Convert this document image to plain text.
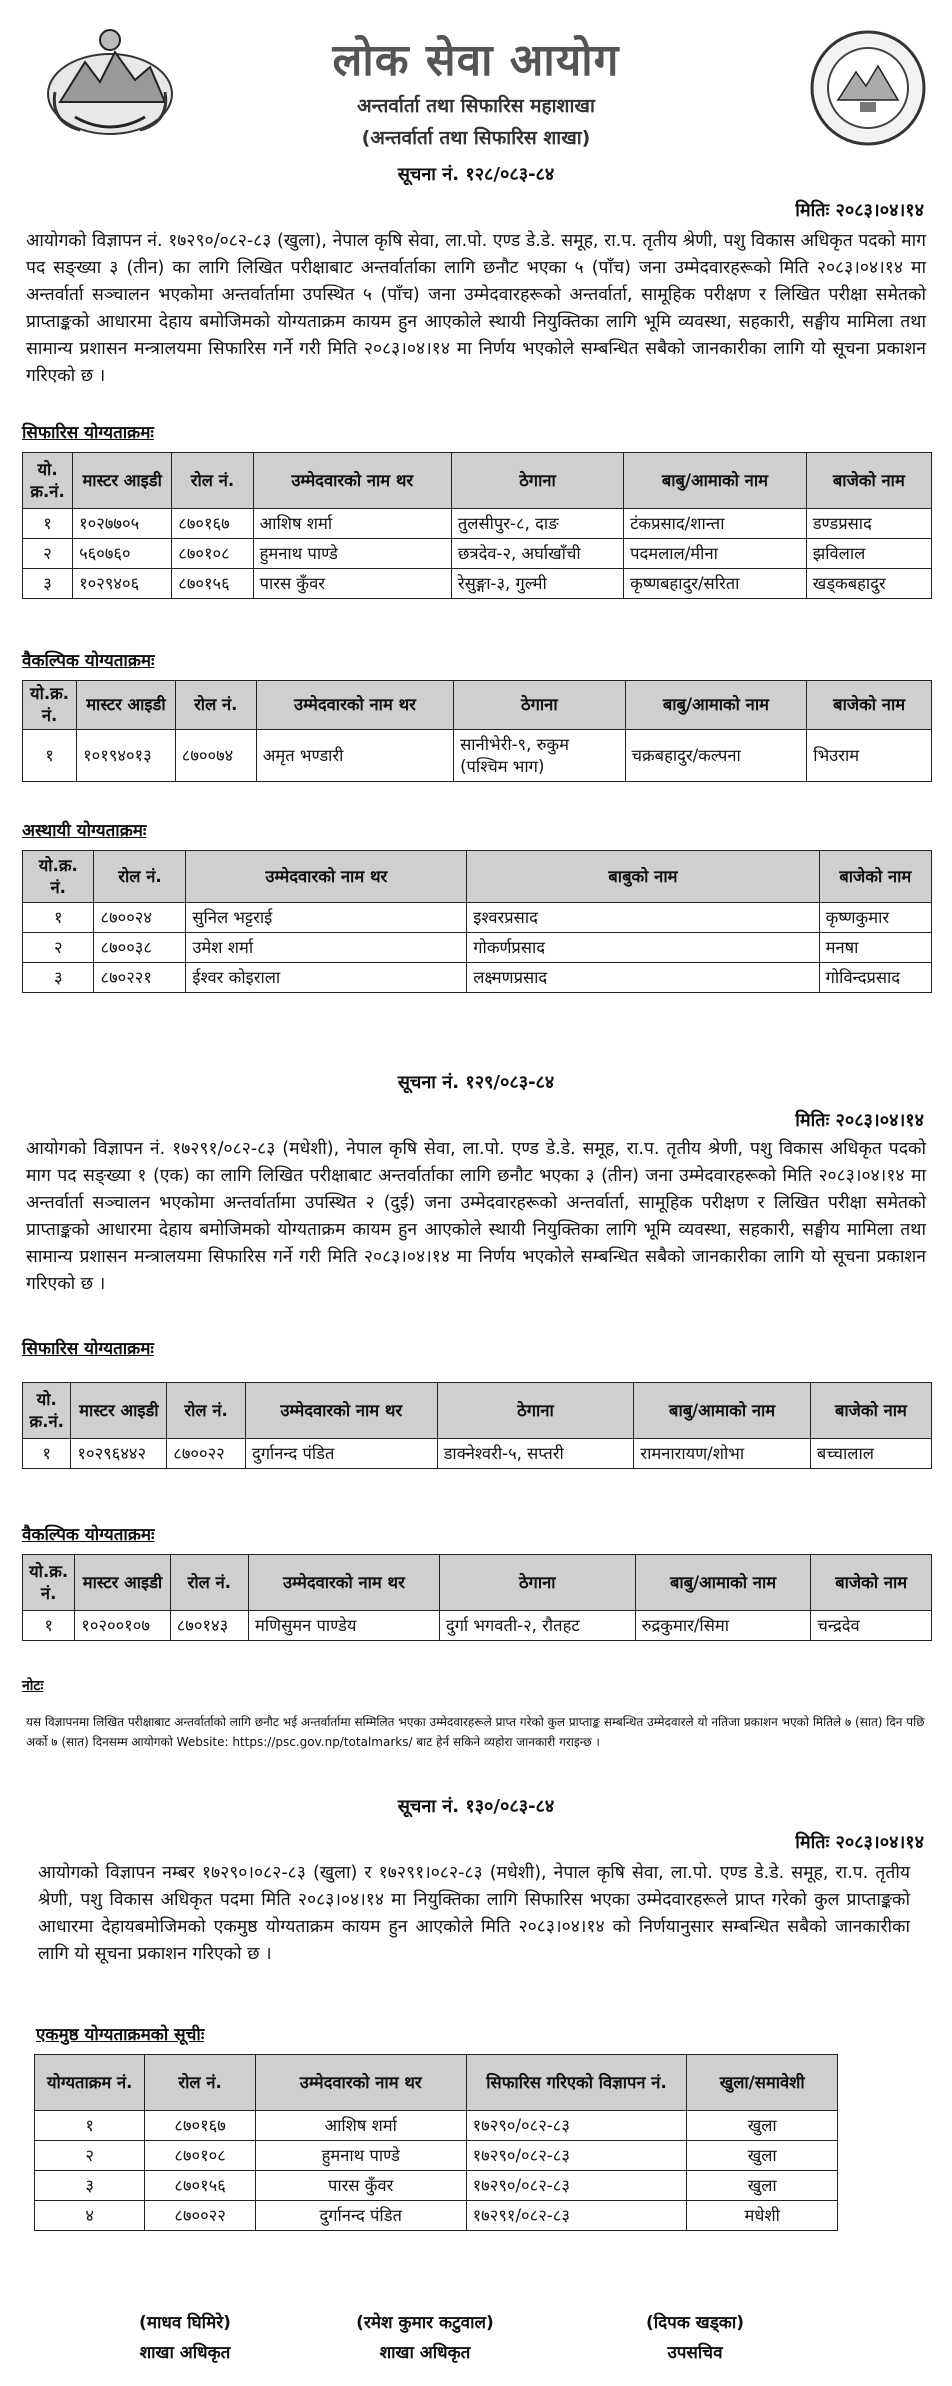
लोक सेवा आयोग
अन्तर्वार्ता तथा सिफारिस महाशाखा
(अन्तर्वार्ता तथा सिफारिस शाखा)
सूचना नं. १२८/०८३-८४
मितिः २०८३।०४।१४
आयोगको विज्ञापन नं. १७२९०/०८२-८३ (खुला), नेपाल कृषि सेवा, ला.पो. एण्ड डे.डे. समूह, रा.प. तृतीय श्रेणी, पशु विकास अधिकृत पदको माग पद सङ्ख्या ३ (तीन) का लागि लिखित परीक्षाबाट अन्तर्वार्ताका लागि छनौट भएका ५ (पाँच) जना उम्मेदवारहरूको मिति २०८३।०४।१४ मा अन्तर्वार्ता सञ्चालन भएकोमा अन्तर्वार्तामा उपस्थित ५ (पाँच) जना उम्मेदवारहरूको अन्तर्वार्ता, सामूहिक परीक्षण र लिखित परीक्षा समेतको प्राप्ताङ्कको आधारमा देहाय बमोजिमको योग्यताक्रम कायम हुन आएकोले स्थायी नियुक्तिका लागि भूमि व्यवस्था, सहकारी, सङ्घीय मामिला तथा सामान्य प्रशासन मन्त्रालयमा सिफारिस गर्ने गरी मिति २०८३।०४।१४ मा निर्णय भएकोले सम्बन्धित सबैको जानकारीका लागि यो सूचना प्रकाशन गरिएको छ ।
सिफारिस योग्यताक्रमः
यो. क्र.नं.	मास्टर आइडी	रोल नं.	उम्मेदवारको नाम थर	ठेगाना	बाबु/आमाको नाम	बाजेको नाम
१	१०२७७०५	८७०१६७	आशिष शर्मा	तुलसीपुर-८, दाङ	टंकप्रसाद/शान्ता	डण्डप्रसाद
२	५६०७६०	८७०१०८	हुमनाथ पाण्डे	छत्रदेव-२, अर्घाखाँची	पदमलाल/मीना	झविलाल
३	१०२९४०६	८७०१५६	पारस कुँवर	रेसुङ्गा-३, गुल्मी	कृष्णबहादुर/सरिता	खड्कबहादुर
वैकल्पिक योग्यताक्रमः
यो.क्र. नं.	मास्टर आइडी	रोल नं.	उम्मेदवारको नाम थर	ठेगाना	बाबु/आमाको नाम	बाजेको नाम
१	१०१९४०१३	८७००७४	अमृत भण्डारी	सानीभेरी-९, रुकुम (पश्चिम भाग)	चक्रबहादुर/कल्पना	भिउराम
अस्थायी योग्यताक्रमः
यो.क्र. नं.	रोल नं.	उम्मेदवारको नाम थर	बाबुको नाम	बाजेको नाम
१	८७००२४	सुनिल भट्टराई	इश्वरप्रसाद	कृष्णकुमार
२	८७००३८	उमेश शर्मा	गोकर्णप्रसाद	मनषा
३	८७०२२१	ईश्वर कोइराला	लक्ष्मणप्रसाद	गोविन्दप्रसाद
सूचना नं. १२९/०८३-८४
मितिः २०८३।०४।१४
आयोगको विज्ञापन नं. १७२९१/०८२-८३ (मधेशी), नेपाल कृषि सेवा, ला.पो. एण्ड डे.डे. समूह, रा.प. तृतीय श्रेणी, पशु विकास अधिकृत पदको माग पद सङ्ख्या १ (एक) का लागि लिखित परीक्षाबाट अन्तर्वार्ताका लागि छनौट भएका ३ (तीन) जना उम्मेदवारहरूको मिति २०८३।०४।१४ मा अन्तर्वार्ता सञ्चालन भएकोमा अन्तर्वार्तामा उपस्थित २ (दुई) जना उम्मेदवारहरूको अन्तर्वार्ता, सामूहिक परीक्षण र लिखित परीक्षा समेतको प्राप्ताङ्कको आधारमा देहाय बमोजिमको योग्यताक्रम कायम हुन आएकोले स्थायी नियुक्तिका लागि भूमि व्यवस्था, सहकारी, सङ्घीय मामिला तथा सामान्य प्रशासन मन्त्रालयमा सिफारिस गर्ने गरी मिति २०८३।०४।१४ मा निर्णय भएकोले सम्बन्धित सबैको जानकारीका लागि यो सूचना प्रकाशन गरिएको छ ।
सिफारिस योग्यताक्रमः
यो. क्र.नं.	मास्टर आइडी	रोल नं.	उम्मेदवारको नाम थर	ठेगाना	बाबु/आमाको नाम	बाजेको नाम
१	१०२९६४४२	८७००२२	दुर्गानन्द पंडित	डाक्नेश्वरी-५, सप्तरी	रामनारायण/शोभा	बच्चालाल
वैकल्पिक योग्यताक्रमः
यो.क्र. नं.	मास्टर आइडी	रोल नं.	उम्मेदवारको नाम थर	ठेगाना	बाबु/आमाको नाम	बाजेको नाम
१	१०२००१०७	८७०१४३	मणिसुमन पाण्डेय	दुर्गा भगवती-२, रौतहट	रुद्रकुमार/सिमा	चन्द्रदेव
नोटः
यस विज्ञापनमा लिखित परीक्षाबाट अन्तर्वार्ताको लागि छनौट भई अन्तर्वार्तामा सम्मिलित भएका उम्मेदवारहरूले प्राप्त गरेको कुल प्राप्ताङ्क सम्बन्धित उम्मेदवारले यो नतिजा प्रकाशन भएको मितिले ७ (सात) दिन पछि अर्को ७ (सात) दिनसम्म आयोगको Website: https://psc.gov.np/totalmarks/ बाट हेर्न सकिने व्यहोरा जानकारी गराइन्छ ।
सूचना नं. १३०/०८३-८४
मितिः २०८३।०४।१४
आयोगको विज्ञापन नम्बर १७२९०।०८२-८३ (खुला) र १७२९१।०८२-८३ (मधेशी), नेपाल कृषि सेवा, ला.पो. एण्ड डे.डे. समूह, रा.प. तृतीय श्रेणी, पशु विकास अधिकृत पदमा मिति २०८३।०४।१४ मा नियुक्तिका लागि सिफारिस भएका उम्मेदवारहरूले प्राप्त गरेको कुल प्राप्ताङ्कको आधारमा देहायबमोजिमको एकमुष्ठ योग्यताक्रम कायम हुन आएकोले मिति २०८३।०४।१४ को निर्णयानुसार सम्बन्धित सबैको जानकारीका लागि यो सूचना प्रकाशन गरिएको छ ।
एकमुष्ठ योग्यताक्रमको सूचीः
योग्यताक्रम नं.	रोल नं.	उम्मेदवारको नाम थर	सिफारिस गरिएको विज्ञापन नं.	खुला/समावेशी
१	८७०१६७	आशिष शर्मा	१७२९०/०८२-८३	खुला
२	८७०१०८	हुमनाथ पाण्डे	१७२९०/०८२-८३	खुला
३	८७०१५६	पारस कुँवर	१७२९०/०८२-८३	खुला
४	८७००२२	दुर्गानन्द पंडित	१७२९१/०८२-८३	मधेशी
(माधव घिमिरे)
शाखा अधिकृत
(रमेश कुमार कटुवाल)
शाखा अधिकृत
(दिपक खड्का)
उपसचिव
